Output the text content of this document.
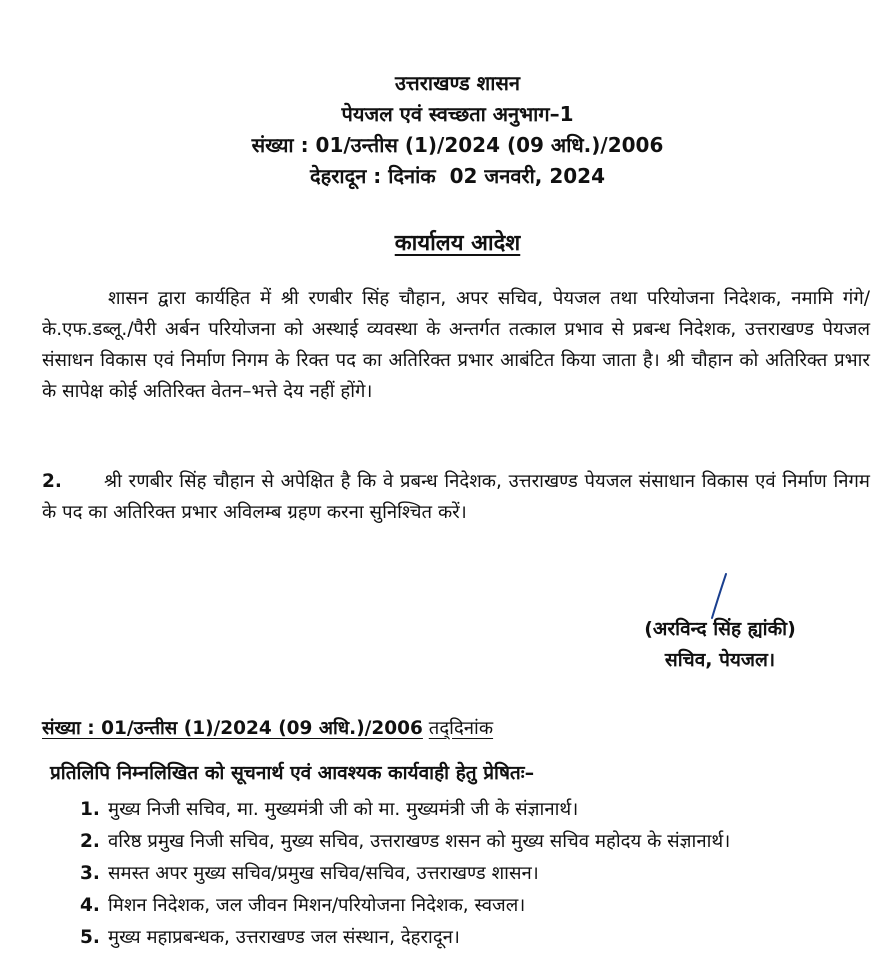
उत्तराखण्ड शासन
पेयजल एवं स्वच्छता अनुभाग–1
संख्या : 01/उन्तीस (1)/2024 (09 अधि.)/2006
देहरादून : दिनांक  02 जनवरी, 2024
कार्यालय आदेश
शासन द्वारा कार्यहित में श्री रणबीर सिंह चौहान, अपर सचिव, पेयजल तथा परियोजना निदेशक, नमामि गंगे/के.एफ.डब्लू./पैरी अर्बन परियोजना को अस्थाई व्यवस्था के अन्तर्गत तत्काल प्रभाव से प्रबन्ध निदेशक, उत्तराखण्ड पेयजल संसाधन विकास एवं निर्माण निगम के रिक्त पद का अतिरिक्त प्रभार आबंटित किया जाता है। श्री चौहान को अतिरिक्त प्रभार के सापेक्ष कोई अतिरिक्त वेतन–भत्ते देय नहीं होंगे।
2. श्री रणबीर सिंह चौहान से अपेक्षित है कि वे प्रबन्ध निदेशक, उत्तराखण्ड पेयजल संसाधान विकास एवं निर्माण निगम के पद का अतिरिक्त प्रभार अविलम्ब ग्रहण करना सुनिश्चित करें।
(अरविन्द सिंह ह्यांकी)
सचिव, पेयजल।
संख्या : 01/उन्तीस (1)/2024 (09 अधि.)/2006 तद्‌दिनांक
प्रतिलिपि निम्नलिखित को सूचनार्थ एवं आवश्यक कार्यवाही हेतु प्रेषितः–
1. मुख्य निजी सचिव, मा. मुख्यमंत्री जी को मा. मुख्यमंत्री जी के संज्ञानार्थ।
2. वरिष्ठ प्रमुख निजी सचिव, मुख्य सचिव, उत्तराखण्ड शसन को मुख्य सचिव महोदय के संज्ञानार्थ।
3. समस्त अपर मुख्य सचिव/प्रमुख सचिव/सचिव, उत्तराखण्ड शासन।
4. मिशन निदेशक, जल जीवन मिशन/परियोजना निदेशक, स्वजल।
5. मुख्य महाप्रबन्धक, उत्तराखण्ड जल संस्थान, देहरादून।
